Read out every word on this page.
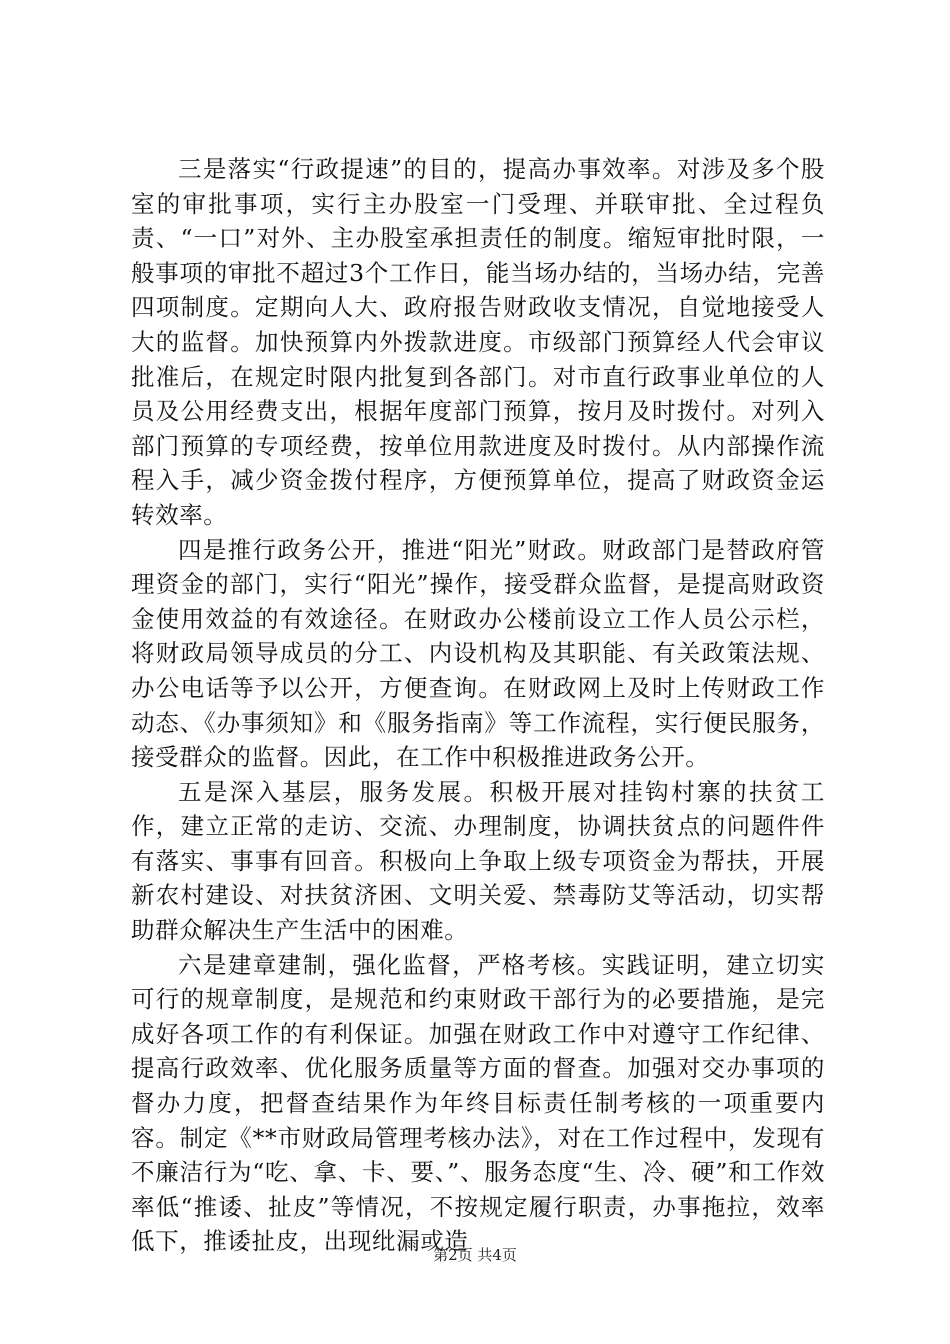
三是落实“行政提速”的目的，提高办事效率。对涉及多个股室的审批事项，实行主办股室一门受理、并联审批、全过程负责、“一口”对外、主办股室承担责任的制度。缩短审批时限，一般事项的审批不超过3个工作日，能当场办结的，当场办结，完善四项制度。定期向人大、政府报告财政收支情况，自觉地接受人大的监督。加快预算内外拨款进度。市级部门预算经人代会审议批准后，在规定时限内批复到各部门。对市直行政事业单位的人员及公用经费支出，根据年度部门预算，按月及时拨付。对列入部门预算的专项经费，按单位用款进度及时拨付。从内部操作流程入手，减少资金拨付程序，方便预算单位，提高了财政资金运转效率。

四是推行政务公开，推进“阳光”财政。财政部门是替政府管理资金的部门，实行“阳光”操作，接受群众监督，是提高财政资金使用效益的有效途径。在财政办公楼前设立工作人员公示栏，将财政局领导成员的分工、内设机构及其职能、有关政策法规、办公电话等予以公开，方便查询。在财政网上及时上传财政工作动态、《办事须知》和《服务指南》等工作流程，实行便民服务，接受群众的监督。因此，在工作中积极推进政务公开。

五是深入基层，服务发展。积极开展对挂钩村寨的扶贫工作，建立正常的走访、交流、办理制度，协调扶贫点的问题件件有落实、事事有回音。积极向上争取上级专项资金为帮扶，开展新农村建设、对扶贫济困、文明关爱、禁毒防艾等活动，切实帮助群众解决生产生活中的困难。

六是建章建制，强化监督，严格考核。实践证明，建立切实可行的规章制度，是规范和约束财政干部行为的必要措施，是完成好各项工作的有利保证。加强在财政工作中对遵守工作纪律、提高行政效率、优化服务质量等方面的督查。加强对交办事项的督办力度，把督查结果作为年终目标责任制考核的一项重要内容。制定《**市财政局管理考核办法》，对在工作过程中，发现有不廉洁行为“吃、拿、卡、要、”、服务态度“生、冷、硬”和工作效率低“推诿、扯皮”等情况，不按规定履行职责，办事拖拉，效率低下，推诿扯皮，出现纰漏或造

第2页 共4页
